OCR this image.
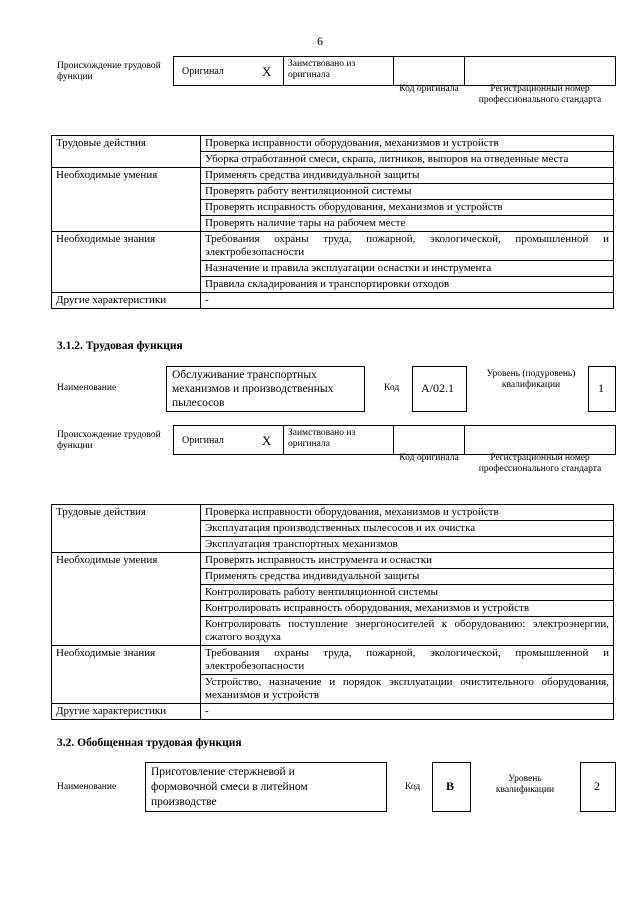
6
Происхождение трудовой функции	Оригинал	X Заимствовано из оригинала
Код оригинала	Регистрационный номер профессионального стандарта
Трудовые действия	Проверка исправности оборудования, механизмов и устройств
	Уборка отработанной смеси, скрапа, литников, выпоров на отведенные места
Необходимые умения	Применять средства индивидуальной защиты
	Проверять работу вентиляционной системы
	Проверять исправность оборудования, механизмов и устройств
	Проверять наличие тары на рабочем месте
Необходимые знания	Требования охраны труда, пожарной, экологической, промышленной и электробезопасности
	Назначение и правила эксплуатации оснастки и инструмента
	Правила складирования и транспортировки отходов
Другие характеристики	-
3.1.2. Трудовая функция
Наименование
Обслуживание транспортных механизмов и производственных пылесосов
Код A/02.1
Уровень (подуровень) квалификации	1
Происхождение трудовой функции	Оригинал	X Заимствовано из оригинала
Код оригинала	Регистрационный номер профессионального стандарта
Трудовые действия	Проверка исправности оборудования, механизмов и устройств
	Эксплуатация производственных пылесосов и их очистка
	Эксплуатация транспортных механизмов
Необходимые умения	Проверять исправность инструмента и оснастки
	Применять средства индивидуальной защиты
	Контролировать работу вентиляционной системы
	Контролировать исправность оборудования, механизмов и устройств
	Контролировать поступление энергоносителей к оборудованию: электроэнергии, сжатого воздуха
Необходимые знания	Требования охраны труда, пожарной, экологической, промышленной и электробезопасности
	Устройство, назначение и порядок эксплуатации очистительного оборудования, механизмов и устройств
Другие характеристики	-
3.2. Обобщенная трудовая функция
Наименование
Приготовление стержневой и формовочной смеси в литейном производстве
Код B	Уровень квалификации	2
